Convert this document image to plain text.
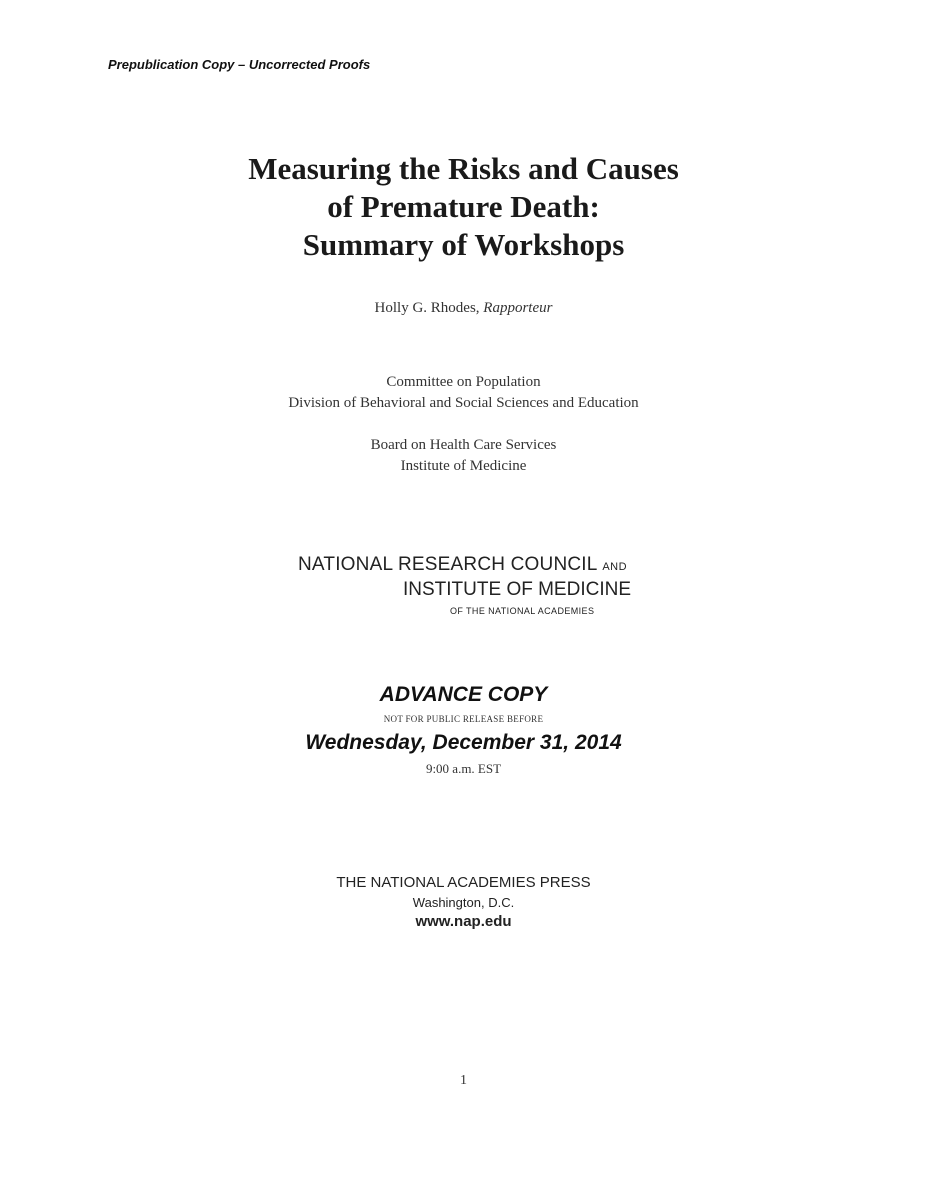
Prepublication Copy – Uncorrected Proofs
Measuring the Risks and Causes
of Premature Death:
Summary of Workshops
Holly G. Rhodes, Rapporteur
Committee on Population
Division of Behavioral and Social Sciences and Education
Board on Health Care Services
Institute of Medicine
NATIONAL RESEARCH COUNCIL AND
INSTITUTE OF MEDICINE
OF THE NATIONAL ACADEMIES
ADVANCE COPY
NOT FOR PUBLIC RELEASE BEFORE
Wednesday, December 31, 2014
9:00 a.m. EST
THE NATIONAL ACADEMIES PRESS
Washington, D.C.
www.nap.edu
1
